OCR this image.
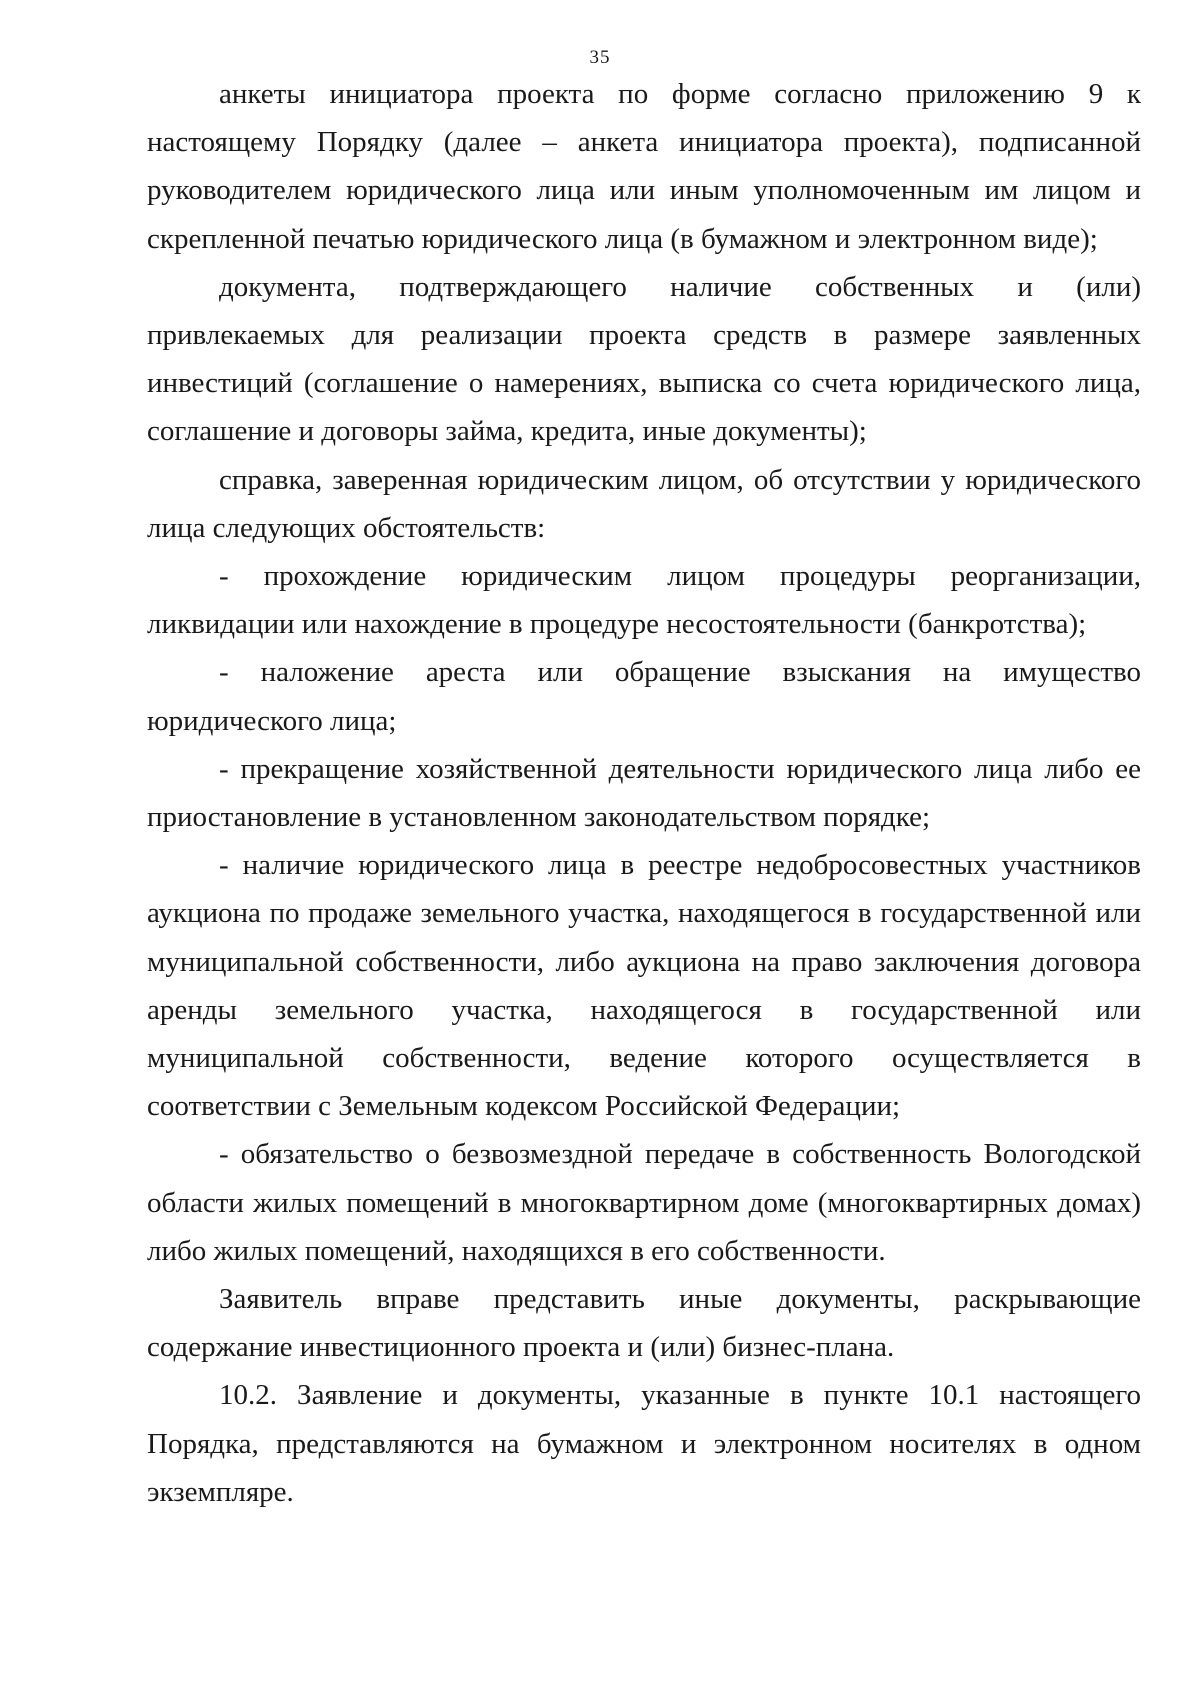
35

анкеты инициатора проекта по форме согласно приложению 9 к настоящему Порядку (далее – анкета инициатора проекта), подписанной руководителем юридического лица или иным уполномоченным им лицом и скрепленной печатью юридического лица (в бумажном и электронном виде);

документа, подтверждающего наличие собственных и (или) привлекаемых для реализации проекта средств в размере заявленных инвестиций (соглашение о намерениях, выписка со счета юридического лица, соглашение и договоры займа, кредита, иные документы);

справка, заверенная юридическим лицом, об отсутствии у юридического лица следующих обстоятельств:

- прохождение юридическим лицом процедуры реорганизации, ликвидации или нахождение в процедуре несостоятельности (банкротства);

- наложение ареста или обращение взыскания на имущество юридического лица;

- прекращение хозяйственной деятельности юридического лица либо ее приостановление в установленном законодательством порядке;

- наличие юридического лица в реестре недобросовестных участников аукциона по продаже земельного участка, находящегося в государственной или муниципальной собственности, либо аукциона на право заключения договора аренды земельного участка, находящегося в государственной или муниципальной собственности, ведение которого осуществляется в соответствии с Земельным кодексом Российской Федерации;

- обязательство о безвозмездной передаче в собственность Вологодской области жилых помещений в многоквартирном доме (многоквартирных домах) либо жилых помещений, находящихся в его собственности.

Заявитель вправе представить иные документы, раскрывающие содержание инвестиционного проекта и (или) бизнес-плана.

10.2. Заявление и документы, указанные в пункте 10.1 настоящего Порядка, представляются на бумажном и электронном носителях в одном экземпляре.
